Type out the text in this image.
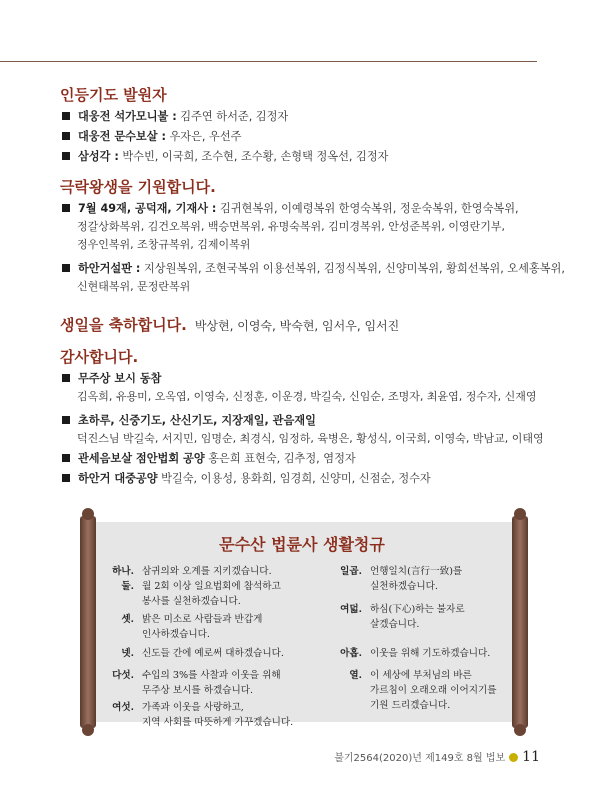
인등기도 발원자
대웅전 석가모니불 : 김주연 하서준, 김정자
대웅전 문수보살 : 우자은, 우선주
삼성각 : 박수빈, 이국희, 조수현, 조수황, 손형택 정옥선, 김정자
극락왕생을 기원합니다.
7월 49재, 공덕재, 기재사 : 김귀현복위, 이예령복위 한영숙복위, 정운숙복위, 한영숙복위,
정갈상화복위, 김건오복위, 백승면복위, 유명숙복위, 김미경복위, 안성준복위, 이영란기부,
정우인복위, 조창규복위, 김제이복위
하안거설판 : 지상원복위, 조현국복위 이용선복위, 김정식복위, 신양미복위, 황희선복위, 오세홍복위,
신현태복위, 문정란복위
생일을 축하합니다. 박상현, 이영숙, 박숙현, 임서우, 임서진
감사합니다.
무주상 보시 동참
김옥희, 유용미, 오옥엽, 이영숙, 신정훈, 이운경, 박길숙, 신임순, 조명자, 최윤엽, 정수자, 신재영
초하루, 신중기도, 산신기도, 지장재일, 관음재일
덕진스님 박길숙, 서지민, 임명순, 최경식, 임정하, 육병은, 황성식, 이국희, 이영숙, 박남교, 이태영
관세음보살 점안법회 공양 홍은희 표현숙, 김추정, 염정자
하안거 대중공양 박길숙, 이용성, 용화희, 임경희, 신양미, 신점순, 정수자
문수산 법륜사 생활청규
하나. 삼귀의와 오계를 지키겠습니다.
둘. 월 2회 이상 일요법회에 참석하고
봉사를 실천하겠습니다.
셋. 밝은 미소로 사람들과 반갑게
인사하겠습니다.
넷. 신도들 간에 예로써 대하겠습니다.
다섯. 수입의 3%를 사찰과 이웃을 위해
무주상 보시를 하겠습니다.
여섯. 가족과 이웃을 사랑하고,
지역 사회를 따뜻하게 가꾸겠습니다.
일곱. 언행일치(言行一致)를
실천하겠습니다.
여덟. 하심(下心)하는 불자로
살겠습니다.
아홉. 이웃을 위해 기도하겠습니다.
열. 이 세상에 부처님의 바른
가르침이 오래오래 이어지기를
기원 드리겠습니다.
불기2564(2020)년 제149호 8월 법보 11
